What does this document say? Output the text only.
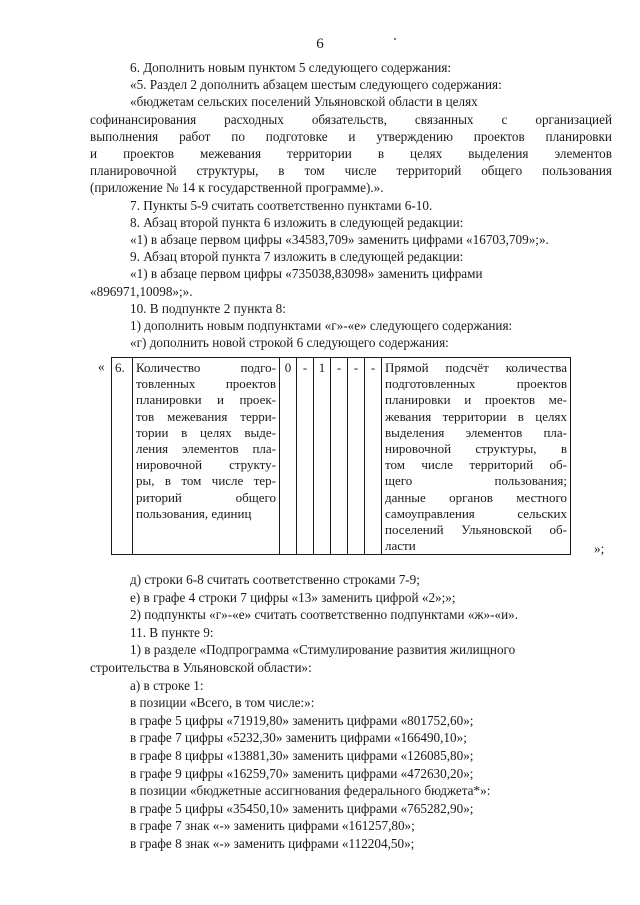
6
6. Дополнить новым пунктом 5 следующего содержания:
«5. Раздел 2 дополнить абзацем шестым следующего содержания:
«бюджетам сельских поселений Ульяновской области в целях
софинансирования расходных обязательств, связанных с организацией
выполнения работ по подготовке и утверждению проектов планировки
и проектов межевания территории в целях выделения элементов
планировочной структуры, в том числе территорий общего пользования
(приложение № 14 к государственной программе).».
7. Пункты 5-9 считать соответственно пунктами 6-10.
8. Абзац второй пункта 6 изложить в следующей редакции:
«1) в абзаце первом цифры «34583,709» заменить цифрами «16703,709»;».
9. Абзац второй пункта 7 изложить в следующей редакции:
«1) в абзаце первом цифры «735038,83098» заменить цифрами
«896971,10098»;».
10. В подпункте 2 пункта 8:
1) дополнить новым подпунктами «г»-«е» следующего содержания:
«г) дополнить новой строкой 6 следующего содержания:
« 6.	Количество подго-
товленных проектов
планировки и проек-
тов межевания терри-
тории в целях выде-
ления элементов пла-
нировочной структу-
ры, в том числе тер-
риторий общего
пользования, единиц
	0	-	1	-	-	-	Прямой подсчёт количества
подготовленных проектов
планировки и проектов ме-
жевания территории в целях
выделения элементов пла-
нировочной структуры, в
том числе территорий об-
щего пользования;
данные органов местного
самоуправления сельских
поселений Ульяновской об-
ласти	»;
д) строки 6-8 считать соответственно строками 7-9;
е) в графе 4 строки 7 цифры «13» заменить цифрой «2»;»;
2) подпункты «г»-«е» считать соответственно подпунктами «ж»-«и».
11. В пункте 9:
1) в разделе «Подпрограмма «Стимулирование развития жилищного
строительства в Ульяновской области»:
а) в строке 1:
в позиции «Всего, в том числе:»:
в графе 5 цифры «71919,80» заменить цифрами «801752,60»;
в графе 7 цифры «5232,30» заменить цифрами «166490,10»;
в графе 8 цифры «13881,30» заменить цифрами «126085,80»;
в графе 9 цифры «16259,70» заменить цифрами «472630,20»;
в позиции «бюджетные ассигнования федерального бюджета*»:
в графе 5 цифры «35450,10» заменить цифрами «765282,90»;
в графе 7 знак «-» заменить цифрами «161257,80»;
в графе 8 знак «-» заменить цифрами «112204,50»;
